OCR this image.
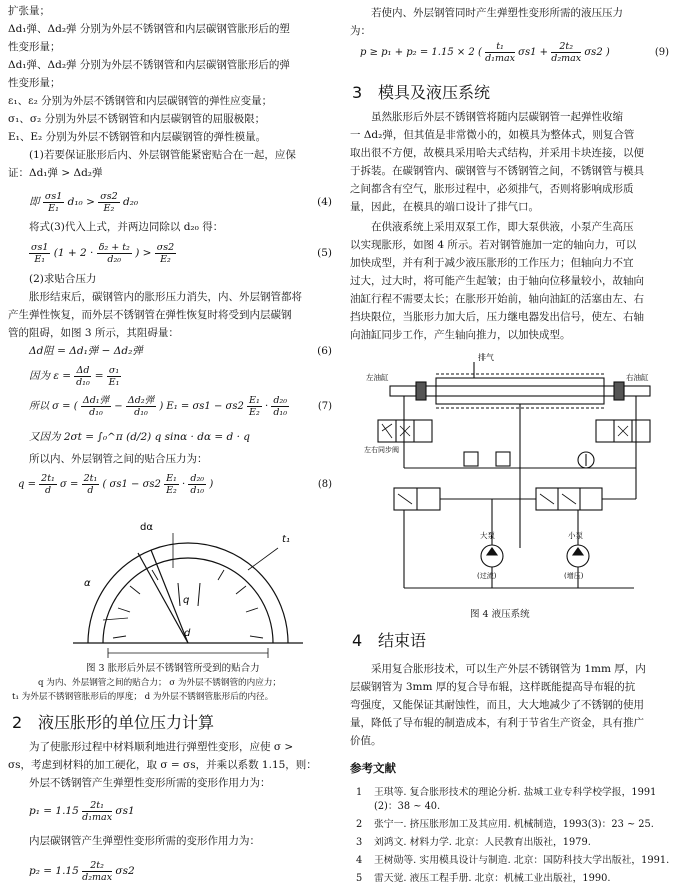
扩张量；
Δd₁弹、Δd₂弹 分别为外层不锈钢管和内层碳钢管胀形后的塑
性变形量；
Δd₁弹、Δd₂弹 分别为外层不锈钢管和内层碳钢管胀形后的弹
性变形量；
ε₁、ε₂ 分别为外层不锈钢管和内层碳钢管的弹性应变量；
σ₁、σ₂ 分别为外层不锈钢管和内层碳钢管的屈服极限；
E₁、E₂ 分别为外层不锈钢管和内层碳钢管的弹性模量。
(1)若要保证胀形后内、外层钢管能紧密贴合在一起，应保
证：Δd₁弹 > Δd₂弹
即 $\frac{\sigma s1}{\text{E₁}} d_{10} > \frac{\sigma s2}{\text{E₂}} d_{20}$	(4)
将式(3)代入上式，并两边同除以 d₂₀ 得：
$\frac{\sigma s1}{\text{E₁}} (1 + 2 \cdot \frac{\text{δ₂ + t₂}}{\text{d₂₀}}$ ) > $\frac{\sigma s2}{\text{E₂}}$	(5)
(2)求贴合压力
胀形结束后，碳钢管内的胀形压力消失，内、外层钢管都将
产生弹性恢复，而外层不锈钢管在弹性恢复时将受到内层碳钢
管的阻碍，如图 3 所示，其阻碍量：
Δd阻 = Δd₁弹 − Δd₂弹	(6)
因为 $\varepsilon = \frac{\Delta d}{\text{d₁₀}} = \frac{\text{σ₁}}{\text{E₁}}$
所以 σ = ( $\frac{\text{Δd₁弹}}{\text{d₁₀}} - \frac{\text{Δd₂弹}}{\text{d₁₀}}$ ) $E_1 = \sigma s1 - \sigma s2 \frac{\text{E₁}}{\text{E₂}} \cdot \frac{\text{d₂₀}}{\text{d₁₀}}$	(7)
又因为 2σt = ∫₀^π (d/2) q sinα · dα = d · q
所以内、外层钢管之间的贴合压力为：
$q = \frac{\text{2t₁}}{d}$ $\sigma = \frac{\text{2t₁}}{d}$ ( $\sigma s1 - \sigma s2 \frac{\text{E₁}}{\text{E₂}} \cdot \frac{\text{d₂₀}}{\text{d₁₀}}$ )	(8)
dα
α
q
t₁
d
图 3 胀形后外层不锈钢管所受到的贴合力
q 为内、外层钢管之间的贴合力； σ 为外层不锈钢管的内应力；
t₁ 为外层不锈钢管胀形后的厚度； d 为外层不锈钢管胀形后的内径。
2 液压胀形的单位压力计算
为了使胀形过程中材料顺利地进行弹塑性变形，应使 σ >
σs，考虑到材料的加工硬化，取 σ = σs，并乘以系数 1.15，则：
外层不锈钢管产生弹塑性变形所需的变形作用力为：
$p_1 = 1.15 \frac{\text{2t₁}}{\text{d₁max}} \sigma s1$
内层碳钢管产生弹塑性变形所需的变形作用力为：
$p_2 = 1.15 \frac{\text{2t₂}}{\text{d₂max}} \sigma s2$
若使内、外层钢管同时产生弹塑性变形所需的液压压力
为：
p ≥ p₁ + p₂ = 1.15 × 2 ( $\frac{\text{t₁}}{\text{d₁max}} \sigma s1 + \frac{\text{2t₂}}{\text{d₂max}} \sigma s2$ )	(9)
3 模具及液压系统
虽然胀形后外层不锈钢管将随内层碳钢管一起弹性收缩
一 Δd₂弹，但其值是非常微小的，如模具为整体式，则复合管
取出很不方便，故模具采用哈夫式结构，并采用卡块连接，以便
于拆装。在碳钢管内、碳钢管与不锈钢管之间，不锈钢管与模具
之间都含有空气，胀形过程中，必须排气，否则将影响成形质
量，因此，在模具的端口设计了排气口。
在供液系统上采用双泵工作，即大泵供液，小泵产生高压
以实现胀形，如图 4 所示。若对钢管施加一定的轴向力，可以
加快成型，并有利于减少液压胀形的工作压力；但轴向力不宜
过大，过大时，将可能产生起皱；由于轴向位移量较小，故轴向
油缸行程不需要太长；在胀形开始前，轴向油缸的活塞由左、右
挡块限位，当胀形力加大后，压力继电器发出信号，使左、右轴
向油缸同步工作，产生轴向推力，以加快成型。
排气
左油缸	右油缸
左右同步阀
大泵
(过流)
小泵
(增压)
图 4 液压系统
4 结束语
采用复合胀形技术，可以生产外层不锈钢管为 1mm 厚，内
层碳钢管为 3mm 厚的复合导布辊，这样既能提高导布辊的抗
弯强度，又能保证其耐蚀性，而且，大大地减少了不锈钢的使用
量，降低了导布辊的制造成本，有利于节省生产资金，具有推广
价值。
参考文献
1 王琪等. 复合胀形技术的理论分析. 盐城工业专科学校学报，1991
(2)：38 ~ 40.
2 张宁一. 挤压胀形加工及其应用. 机械制造，1993(3)：23 ~ 25.
3 刘鸿文. 材料力学. 北京：人民教育出版社，1979.
4 王树勋等. 实用模具设计与制造. 北京：国防科技大学出版社，1991.
5 雷天觉. 液压工程手册. 北京：机械工业出版社，1990.
